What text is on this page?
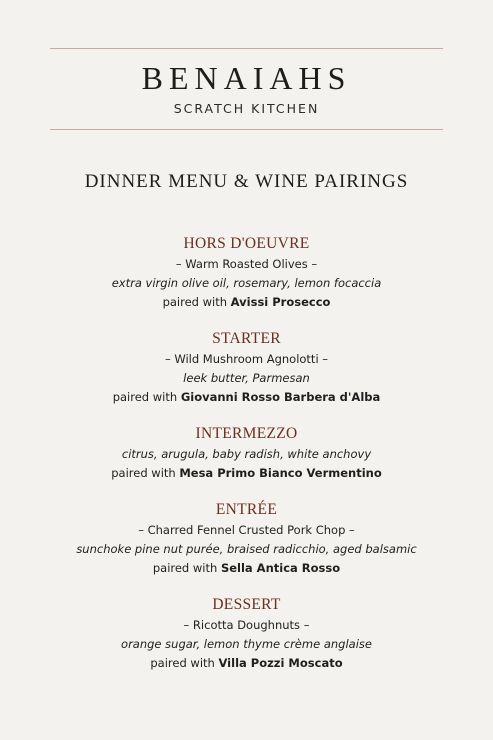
BENAIAHS
SCRATCH KITCHEN
DINNER MENU & WINE PAIRINGS
HORS D'OEUVRE
– Warm Roasted Olives –
extra virgin olive oil, rosemary, lemon focaccia
paired with Avissi Prosecco
STARTER
– Wild Mushroom Agnolotti –
leek butter, Parmesan
paired with Giovanni Rosso Barbera d'Alba
INTERMEZZO
citrus, arugula, baby radish, white anchovy
paired with Mesa Primo Bianco Vermentino
ENTRÉE
– Charred Fennel Crusted Pork Chop –
sunchoke pine nut purée, braised radicchio, aged balsamic
paired with Sella Antica Rosso
DESSERT
– Ricotta Doughnuts –
orange sugar, lemon thyme crème anglaise
paired with Villa Pozzi Moscato
